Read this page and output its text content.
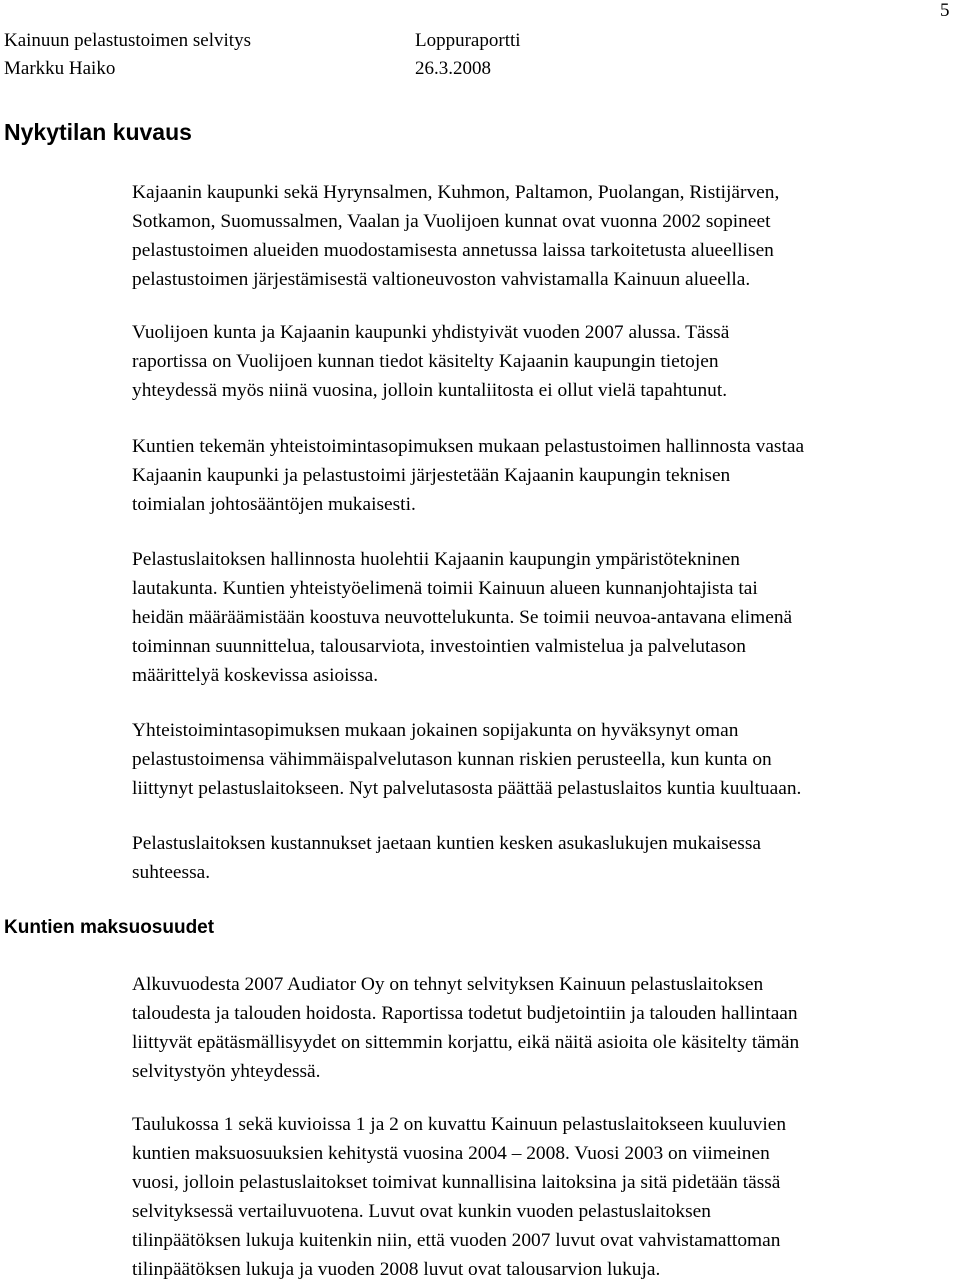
Kainuun pelastustoimen selvitys
Markku Haiko
Loppuraportti
26.3.2008
5
Nykytilan kuvaus
Kuntien maksuosuudet
Kajaanin kaupunki sekä Hyrynsalmen, Kuhmon, Paltamon, Puolangan, Ristijärven,
Sotkamon, Suomussalmen, Vaalan ja Vuolijoen kunnat ovat vuonna 2002 sopineet
pelastustoimen alueiden muodostamisesta annetussa laissa tarkoitetusta alueellisen
pelastustoimen järjestämisestä valtioneuvoston vahvistamalla Kainuun alueella.
Vuolijoen kunta ja Kajaanin kaupunki yhdistyivät vuoden 2007 alussa. Tässä
raportissa on Vuolijoen kunnan tiedot käsitelty Kajaanin kaupungin tietojen
yhteydessä myös niinä vuosina, jolloin kuntaliitosta ei ollut vielä tapahtunut.
Kuntien tekemän yhteistoimintasopimuksen mukaan pelastustoimen hallinnosta vastaa
Kajaanin kaupunki ja pelastustoimi järjestetään Kajaanin kaupungin teknisen
toimialan johtosääntöjen mukaisesti.
Pelastuslaitoksen hallinnosta huolehtii Kajaanin kaupungin ympäristötekninen
lautakunta. Kuntien yhteistyöelimenä toimii Kainuun alueen kunnanjohtajista tai
heidän määräämistään koostuva neuvottelukunta. Se toimii neuvoa-antavana elimenä
toiminnan suunnittelua, talousarviota, investointien valmistelua ja palvelutason
määrittelyä koskevissa asioissa.
Yhteistoimintasopimuksen mukaan jokainen sopijakunta on hyväksynyt oman
pelastustoimensa vähimmäispalvelutason kunnan riskien perusteella, kun kunta on
liittynyt pelastuslaitokseen. Nyt palvelutasosta päättää pelastuslaitos kuntia kuultuaan.
Pelastuslaitoksen kustannukset jaetaan kuntien kesken asukaslukujen mukaisessa
suhteessa.
Alkuvuodesta 2007 Audiator Oy on tehnyt selvityksen Kainuun pelastuslaitoksen
taloudesta ja talouden hoidosta. Raportissa todetut budjetointiin ja talouden hallintaan
liittyvät epätäsmällisyydet on sittemmin korjattu, eikä näitä asioita ole käsitelty tämän
selvitystyön yhteydessä.
Taulukossa 1 sekä kuvioissa 1 ja 2 on kuvattu Kainuun pelastuslaitokseen kuuluvien
kuntien maksuosuuksien kehitystä vuosina 2004 – 2008. Vuosi 2003 on viimeinen
vuosi, jolloin pelastuslaitokset toimivat kunnallisina laitoksina ja sitä pidetään tässä
selvityksessä vertailuvuotena. Luvut ovat kunkin vuoden pelastuslaitoksen
tilinpäätöksen lukuja kuitenkin niin, että vuoden 2007 luvut ovat vahvistamattoman
tilinpäätöksen lukuja ja vuoden 2008 luvut ovat talousarvion lukuja.
